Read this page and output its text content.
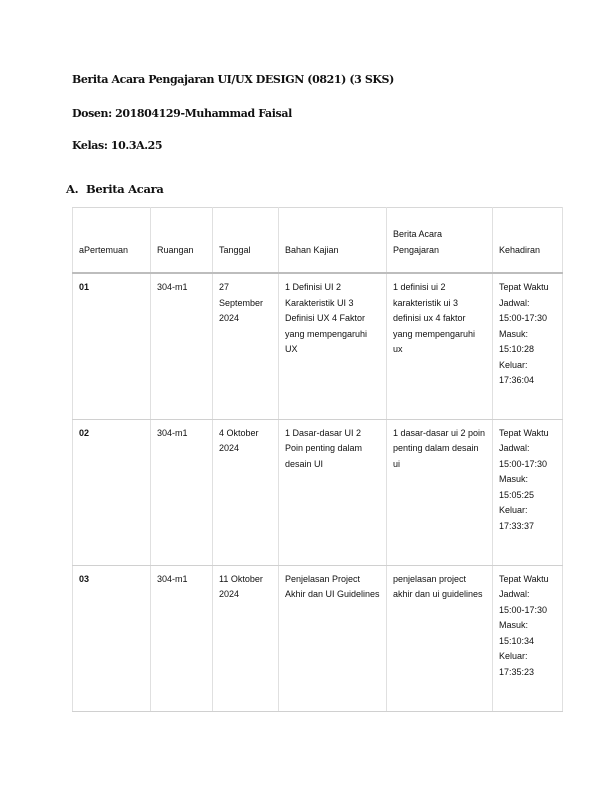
Berita Acara Pengajaran UI/UX DESIGN (0821) (3 SKS)
Dosen: 201804129-Muhammad Faisal
Kelas: 10.3A.25
A. Berita Acara
aPertemuan	Ruangan	Tanggal	Bahan Kajian	Berita Acara Pengajaran	Kehadiran
01	304-m1	27 September 2024	1 Definisi UI 2 Karakteristik UI 3 Definisi UX 4 Faktor yang mempengaruhi UX	1 definisi ui 2 karakteristik ui 3 definisi ux 4 faktor yang mempengaruhi ux	Tepat Waktu Jadwal: 15:00-17:30 Masuk: 15:10:28 Keluar: 17:36:04
02	304-m1	4 Oktober 2024	1 Dasar-dasar UI 2 Poin penting dalam desain UI	1 dasar-dasar ui 2 poin penting dalam desain ui	Tepat Waktu Jadwal: 15:00-17:30 Masuk: 15:05:25 Keluar: 17:33:37
03	304-m1	11 Oktober 2024	Penjelasan Project Akhir dan UI Guidelines	penjelasan project akhir dan ui guidelines	Tepat Waktu Jadwal: 15:00-17:30 Masuk: 15:10:34 Keluar: 17:35:23
